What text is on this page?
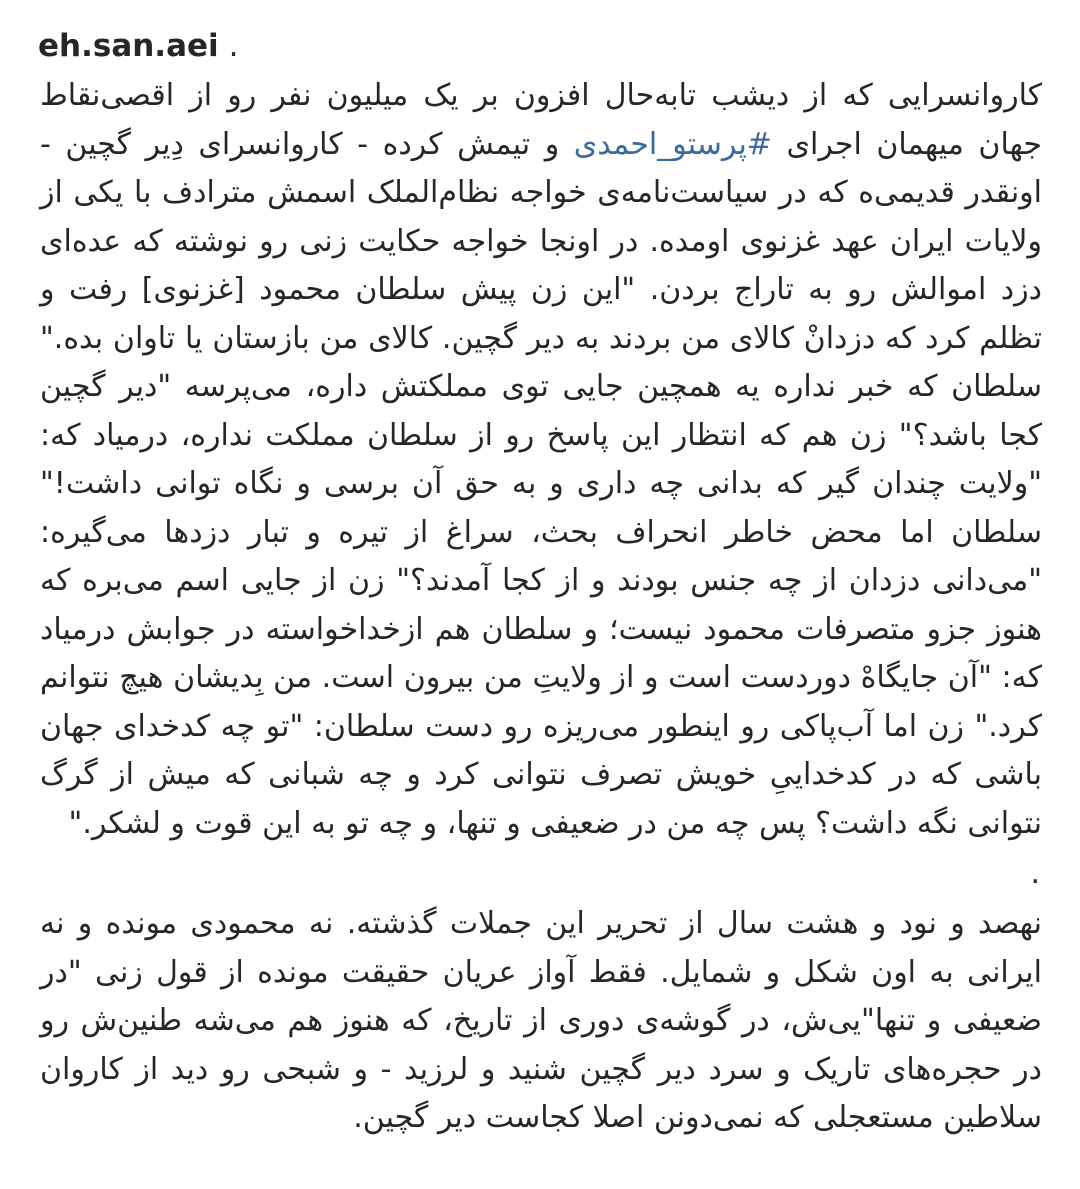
eh.san.aei .

کاروانسرایی که از دیشب تابه‌حال افزون بر یک میلیون نفر رو از اقصی‌نقاط جهان میهمان اجرای #پرستو_احمدی و تیمش کرده - کاروانسرای دِیر گچین - اونقدر قدیمی‌ه که در سیاست‌نامه‌ی خواجه نظام‌الملک اسمش مترادف با یکی از ولایات ایران عهد غزنوی اومده. در اونجا خواجه حکایت زنی رو نوشته که عده‌ای دزد اموالش رو به تاراج بردن. "این زن پیش سلطان محمود [غزنوی] رفت و تظلم کرد که دزدانْ کالای من بردند به دیر گچین. کالای من بازستان یا تاوان بده." سلطان که خبر نداره یه همچین جایی توی مملکتش داره، می‌پرسه "دیر گچین کجا باشد؟" زن هم که انتظار این پاسخ رو از سلطان مملکت نداره، درمیاد که: "ولایت چندان گیر که بدانی چه داری و به حق آن برسی و نگاه توانی داشت!" سلطان اما محض خاطر انحراف بحث، سراغ از تیره و تبار دزدها می‌گیره: "می‌دانی دزدان از چه جنس بودند و از کجا آمدند؟" زن از جایی اسم می‌بره که هنوز جزو متصرفات محمود نیست؛ و سلطان هم ازخداخواسته در جوابش درمیاد که: "آن جایگاهْ دوردست است و از ولایتِ من بیرون است. من بِدیشان هیچ نتوانم کرد." زن اما آب‌پاکی رو اینطور می‌ریزه رو دست سلطان: "تو چه کدخدای جهان باشی که در کدخداییِ خویش تصرف نتوانی کرد و چه شبانی که میش از گرگ نتوانی نگه داشت؟ پس چه من در ضعیفی و تنها، و چه تو به این قوت و لشکر."

.

نهصد و نود و هشت سال از تحریر این جملات گذشته. نه محمودی مونده و نه ایرانی به اون شکل و شمایل. فقط آواز عریان حقیقت مونده از قول زنی "در ضعیفی و تنها"یی‌ش، در گوشه‌ی دوری از تاریخ، که هنوز هم می‌شه طنین‌ش رو در حجره‌های تاریک و سرد دیر گچین شنید و لرزید - و شبحی رو دید از کاروان سلاطین مستعجلی که نمی‌دونن اصلا کجاست دیر گچین.
